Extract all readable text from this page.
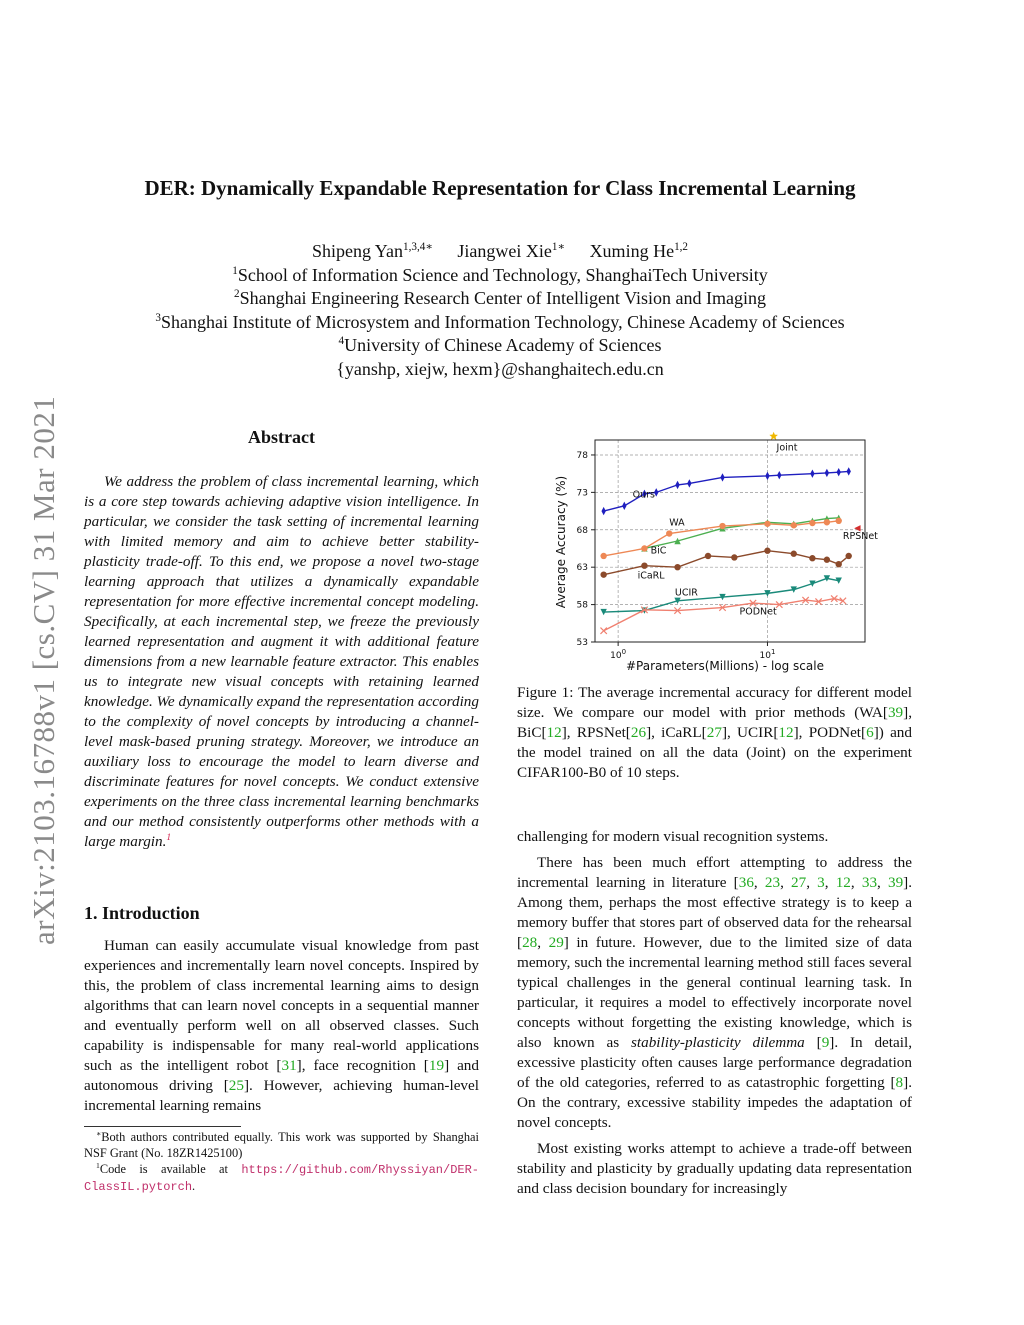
arXiv:2103.16788v1 [cs.CV] 31 Mar 2021
DER: Dynamically Expandable Representation for Class Incremental Learning
Shipeng Yan$^{1,3,4∗}$ Jiangwei Xie$^{1∗}$ Xuming He$^{1,2}$
$^1$School of Information Science and Technology, ShanghaiTech University
$^2$Shanghai Engineering Research Center of Intelligent Vision and Imaging
$^3$Shanghai Institute of Microsystem and Information Technology, Chinese Academy of Sciences
$^4$University of Chinese Academy of Sciences
{yanshp, xiejw, hexm}@shanghaitech.edu.cn
Abstract

We address the problem of class incremental learning, which is a core step towards achieving adaptive vision intelligence. In particular, we consider the task setting of incremental learning with limited memory and aim to achieve better stability-plasticity trade-off. To this end, we propose a novel two-stage learning approach that utilizes a dynamically expandable representation for more effective incremental concept modeling. Specifically, at each incremental step, we freeze the previously learned representation and augment it with additional feature dimensions from a new learnable feature extractor. This enables us to integrate new visual concepts with retaining learned knowledge. We dynamically expand the representation according to the complexity of novel concepts by introducing a channel-level mask-based pruning strategy. Moreover, we introduce an auxiliary loss to encourage the model to learn diverse and discriminate features for novel concepts. We conduct extensive experiments on the three class incremental learning benchmarks and our method consistently outperforms other methods with a large margin.$^1$

1. Introduction

Human can easily accumulate visual knowledge from past experiences and incrementally learn novel concepts. Inspired by this, the problem of class incremental learning aims to design algorithms that can learn novel concepts in a sequential manner and eventually perform well on all observed classes. Such capability is indispensable for many real-world applications such as the intelligent robot [31], face recognition [19] and autonomous driving [25]. However, achieving human-level incremental learning remains

∗Both authors contributed equally. This work was supported by Shanghai NSF Grant (No. 18ZR1425100)

$^1$Code is available at https://github.com/Rhyssiyan/DER-ClassIL.pytorch.

Ours
WA
RPSNet
BiC
iCaRL
UCIR
PODNet
Joint
53
58
63
68
73
78
$10^0$	$10^1$
#Parameters(Millions) - log scale
Average Accuracy (%)

Figure 1: The average incremental accuracy for different model size. We compare our model with prior methods (WA[39], BiC[12], RPSNet[26], iCaRL[27], UCIR[12], PODNet[6]) and the model trained on all the data (Joint) on the experiment CIFAR100-B0 of 10 steps.

challenging for modern visual recognition systems.

There has been much effort attempting to address the incremental learning in literature [36, 23, 27, 3, 12, 33, 39]. Among them, perhaps the most effective strategy is to keep a memory buffer that stores part of observed data for the rehearsal [28, 29] in future. However, due to the limited size of data memory, such the incremental learning method still faces several typical challenges in the general continual learning task. In particular, it requires a model to effectively incorporate novel concepts without forgetting the existing knowledge, which is also known as stability-plasticity dilemma [9]. In detail, excessive plasticity often causes large performance degradation of the old categories, referred to as catastrophic forgetting [8]. On the contrary, excessive stability impedes the adaptation of novel concepts.

Most existing works attempt to achieve a trade-off between stability and plasticity by gradually updating data representation and class decision boundary for increasingly
